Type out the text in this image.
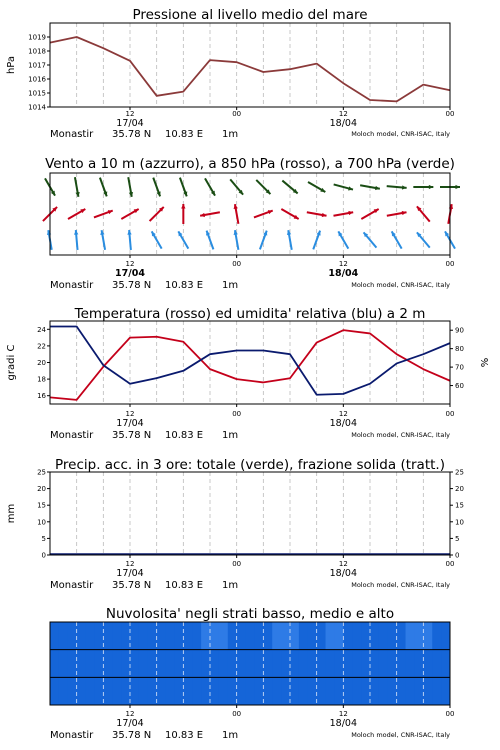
Pressione al livello medio del mare
1014
1015
1016
1017
1018
1019
hPa
12	00	12	00
17/04	18/04
Monastir 35.78 N 10.83 E 1m	Moloch model, CNR-ISAC, Italy
Vento a 10 m (azzurro), a 850 hPa (rosso), a 700 hPa (verde)
12	00	12	00
17/04	18/04
Monastir 35.78 N 10.83 E 1m	Moloch model, CNR-ISAC, Italy
Temperatura (rosso) ed umidita' relativa (blu) a 2 m
16
18
20
22
24
60
70
80
90
gradi C	%
12	00	12	00
17/04	18/04
Monastir 35.78 N 10.83 E 1m	Moloch model, CNR-ISAC, Italy
Precip. acc. in 3 ore: totale (verde), frazione solida (tratt.)
0
5
10
15
20
25
0
5
10
15
20
25
mm
12	00	12	00
17/04	18/04
Monastir 35.78 N 10.83 E 1m	Moloch model, CNR-ISAC, Italy
Nuvolosita' negli strati basso, medio e alto
12	00	12	00
17/04	18/04
Monastir 35.78 N 10.83 E 1m	Moloch model, CNR-ISAC, Italy
